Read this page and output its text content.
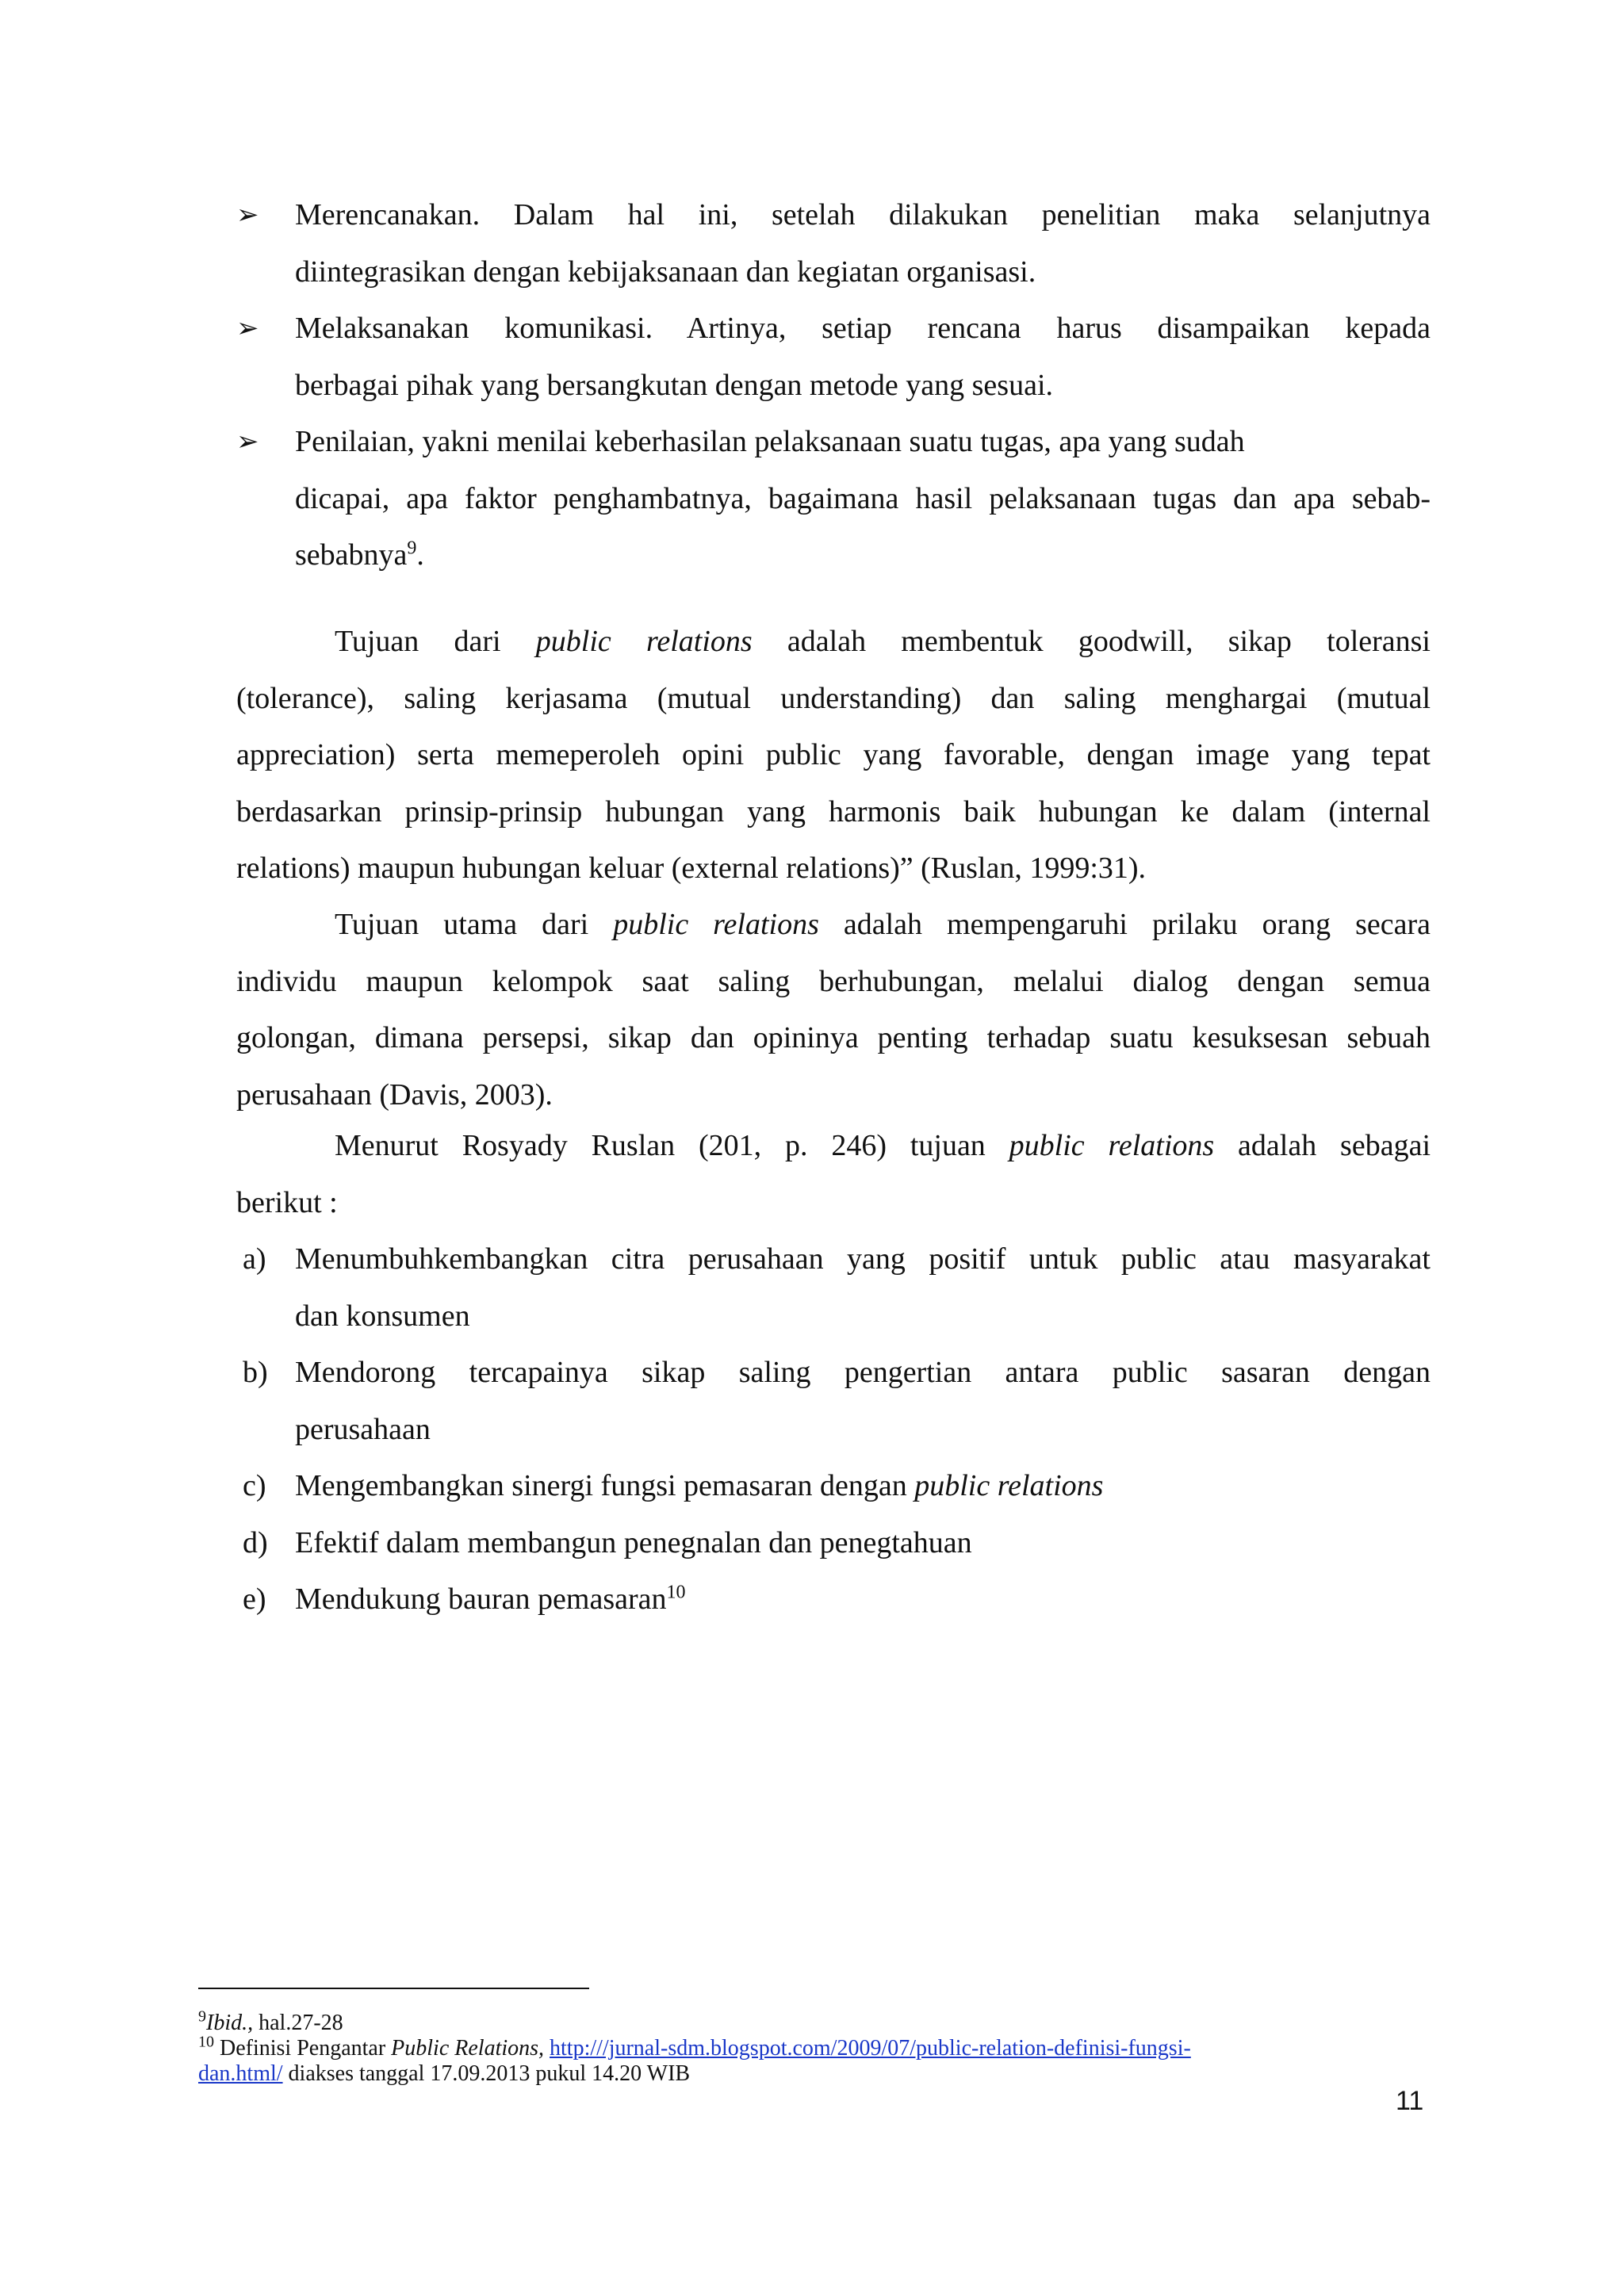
➢ Merencanakan. Dalam hal ini, setelah dilakukan penelitian maka selanjutnya
diintegrasikan dengan kebijaksanaan dan kegiatan organisasi.
➢ Melaksanakan komunikasi. Artinya, setiap rencana harus disampaikan kepada
berbagai pihak yang bersangkutan dengan metode yang sesuai.
➢ Penilaian, yakni menilai keberhasilan pelaksanaan suatu tugas, apa yang sudah
dicapai, apa faktor penghambatnya, bagaimana hasil pelaksanaan tugas dan apa sebab-
sebabnya$^9$.
Tujuan dari public relations adalah membentuk goodwill, sikap toleransi
(tolerance), saling kerjasama (mutual understanding) dan saling menghargai (mutual
appreciation) serta memeperoleh opini public yang favorable, dengan image yang tepat
berdasarkan prinsip-prinsip hubungan yang harmonis baik hubungan ke dalam (internal
relations) maupun hubungan keluar (external relations)” (Ruslan, 1999:31).
Tujuan utama dari public relations adalah mempengaruhi prilaku orang secara
individu maupun kelompok saat saling berhubungan, melalui dialog dengan semua
golongan, dimana persepsi, sikap dan opininya penting terhadap suatu kesuksesan sebuah
perusahaan (Davis, 2003).
Menurut Rosyady Ruslan (201, p. 246) tujuan public relations adalah sebagai
berikut :
a) Menumbuhkembangkan citra perusahaan yang positif untuk public atau masyarakat
dan konsumen
b) Mendorong tercapainya sikap saling pengertian antara public sasaran dengan
perusahaan
c) Mengembangkan sinergi fungsi pemasaran dengan public relations
d) Efektif dalam membangun penegnalan dan penegtahuan
e) Mendukung bauran pemasaran$^{10}$
$^9$Ibid., hal.27-28
$^{10}$ Definisi Pengantar Public Relations, http:///jurnal-sdm.blogspot.com/2009/07/public-relation-definisi-fungsi-
dan.html/ diakses tanggal 17.09.2013 pukul 14.20 WIB
11
